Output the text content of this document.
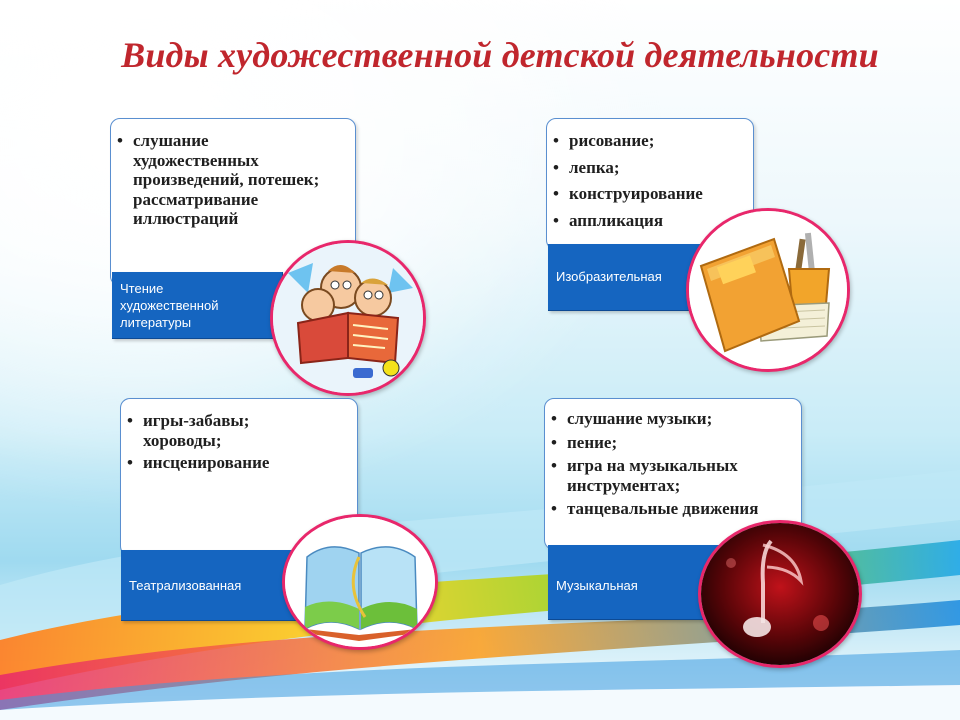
Виды художественной детской деятельности
• слушание художественных произведений, потешек; рассматривание иллюстраций
Чтение художественной литературы
• рисование;
• лепка;
• конструирование
• аппликация
Изобразительная
• игры-забавы; хороводы;
• инсценирование
Театрализованная
• слушание музыки;
• пение;
• игра на музыкальных инструментах;
• танцевальные движения
Музыкальная
